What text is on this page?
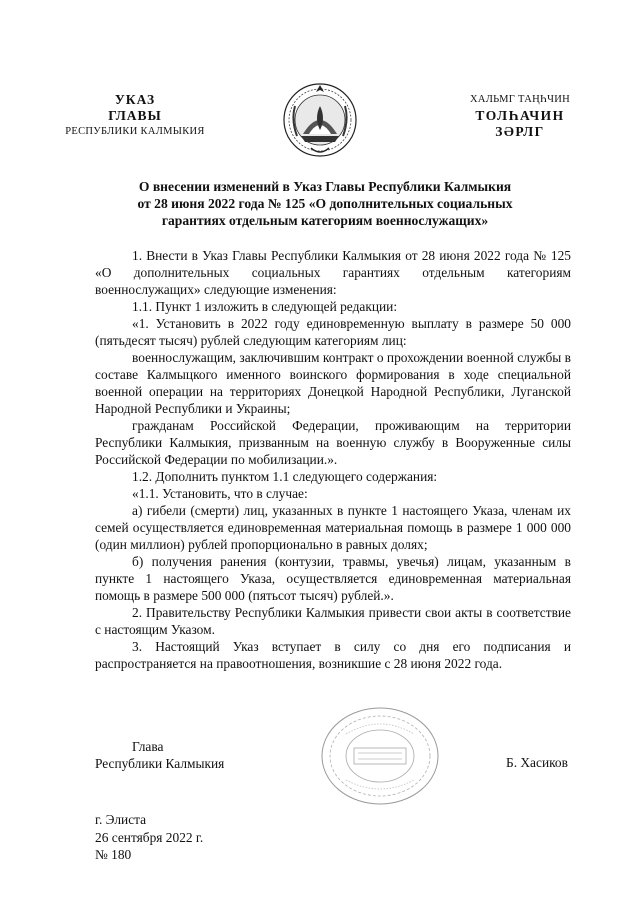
УКАЗ
ГЛАВЫ
РЕСПУБЛИКИ КАЛМЫКИЯ
ХАЛЬМГ ТАҢҺЧИН
ТОЛҺАЧИН
ЗӘРЛГ
О внесении изменений в Указ Главы Республики Калмыкия
от 28 июня 2022 года № 125 «О дополнительных социальных
гарантиях отдельным категориям военнослужащих»

1. Внести в Указ Главы Республики Калмыкия от 28 июня 2022 года № 125 «О дополнительных социальных гарантиях отдельным категориям военнослужащих» следующие изменения:

1.1. Пункт 1 изложить в следующей редакции:

«1. Установить в 2022 году единовременную выплату в размере 50 000 (пятьдесят тысяч) рублей следующим категориям лиц:

военнослужащим, заключившим контракт о прохождении военной службы в составе Калмыцкого именного воинского формирования в ходе специальной военной операции на территориях Донецкой Народной Республики, Луганской Народной Республики и Украины;

гражданам Российской Федерации, проживающим на территории Республики Калмыкия, призванным на военную службу в Вооруженные силы Российской Федерации по мобилизации.».

1.2. Дополнить пунктом 1.1 следующего содержания:

«1.1. Установить, что в случае:

а) гибели (смерти) лиц, указанных в пункте 1 настоящего Указа, членам их семей осуществляется единовременная материальная помощь в размере 1 000 000 (один миллион) рублей пропорционально в равных долях;

б) получения ранения (контузии, травмы, увечья) лицам, указанным в пункте 1 настоящего Указа, осуществляется единовременная материальная помощь в размере 500 000 (пятьсот тысяч) рублей.».

2. Правительству Республики Калмыкия привести свои акты в соответствие с настоящим Указом.

3. Настоящий Указ вступает в силу со дня его подписания и распространяется на правоотношения, возникшие с 28 июня 2022 года.

Глава
Республики Калмыкия	Б. Хасиков
г. Элиста
26 сентября 2022 г.
№ 180
